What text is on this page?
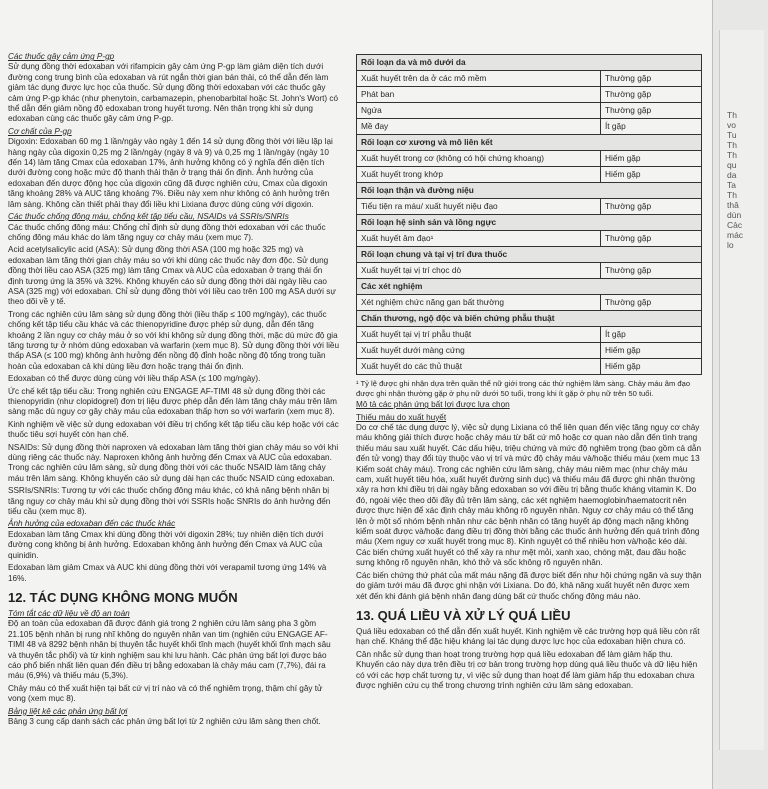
Các thuốc gây cảm ứng P-gp

Sử dụng đồng thời edoxaban với rifampicin gây cảm ứng P-gp làm giảm diện tích dưới đường cong trung bình của edoxaban và rút ngắn thời gian bán thải, có thể dẫn đến làm giảm tác dụng được lực học của thuốc. Sử dụng đồng thời edoxaban với các thuốc gây cảm ứng P-gp khác (như phenytoin, carbamazepin, phenobarbital hoặc St. John's Wort) có thể dẫn đến giảm nồng độ edoxaban trong huyết tương. Nên thận trọng khi sử dụng edoxaban cùng các thuốc gây cảm ứng P-gp.

Cơ chất của P-gp

Digoxin: Edoxaban 60 mg 1 lần/ngày vào ngày 1 đến 14 sử dụng đồng thời với liều lặp lại hàng ngày của digoxin 0,25 mg 2 lần/ngày (ngày 8 và 9) và 0,25 mg 1 lần/ngày (ngày 10 đến 14) làm tăng Cmax của edoxaban 17%, ảnh hưởng không có ý nghĩa đến diện tích dưới đường cong hoặc mức độ thanh thải thận ở trạng thái ổn định. Ảnh hưởng của edoxaban đến dược động học của digoxin cũng đã được nghiên cứu, Cmax của digoxin tăng khoảng 28% và AUC tăng khoảng 7%. Điều này xem như không có ảnh hưởng trên lâm sàng. Không cần thiết phải thay đổi liều khi Lixiana được dùng cùng với digoxin.

Các thuốc chống đông máu, chống kết tập tiểu cầu, NSAIDs và SSRIs/SNRIs

Các thuốc chống đông máu: Chống chỉ định sử dụng đồng thời edoxaban với các thuốc chống đông máu khác do làm tăng nguy cơ chảy máu (xem mục 7).

Acid acetylsalicylic acid (ASA): Sử dụng đồng thời ASA (100 mg hoặc 325 mg) và edoxaban làm tăng thời gian chảy máu so với khi dùng các thuốc này đơn độc. Sử dụng đồng thời liều cao ASA (325 mg) làm tăng Cmax và AUC của edoxaban ở trạng thái ổn định tương ứng là 35% và 32%. Không khuyến cáo sử dụng đồng thời dài ngày liều cao ASA (325 mg) với edoxaban. Chỉ sử dụng đồng thời với liều cao trên 100 mg ASA dưới sự theo dõi về y tế.

Trong các nghiên cứu lâm sàng sử dụng đồng thời (liều thấp ≤ 100 mg/ngày), các thuốc chống kết tập tiểu cầu khác và các thienopyridine được phép sử dụng, dẫn đến tăng khoảng 2 lần nguy cơ chảy máu ở so với khi không sử dụng đồng thời, mặc dù mức độ gia tăng tương tự ở nhóm dùng edoxaban và warfarin (xem mục 8). Sử dụng đồng thời với liều thấp ASA (≤ 100 mg) không ảnh hưởng đến nồng độ đỉnh hoặc nồng độ tổng trong tuần hoàn của edoxaban cả khi dùng liều đơn hoặc trạng thái ổn định.

Edoxaban có thể được dùng cùng với liều thấp ASA (≤ 100 mg/ngày).

Ức chế kết tập tiểu cầu: Trong nghiên cứu ENGAGE AF-TIMI 48 sử dụng đồng thời các thienopyridin (như clopidogrel) đơn trị liệu được phép dẫn đến làm tăng chảy máu trên lâm sàng mặc dù nguy cơ gây chảy máu của edoxaban thấp hơn so với warfarin (xem mục 8).

Kinh nghiệm về việc sử dụng edoxaban với điều trị chống kết tập tiểu cầu kép hoặc với các thuốc tiêu sợi huyết còn hạn chế.

NSAIDs: Sử dụng đồng thời naproxen và edoxaban làm tăng thời gian chảy máu so với khi dùng riêng các thuốc này. Naproxen không ảnh hưởng đến Cmax và AUC của edoxaban. Trong các nghiên cứu lâm sàng, sử dụng đồng thời với các thuốc NSAID làm tăng chảy máu trên lâm sàng. Không khuyến cáo sử dụng dài hạn các thuốc NSAID cùng edoxaban.

SSRIs/SNRIs: Tương tự với các thuốc chống đông máu khác, có khả năng bệnh nhân bị tăng nguy cơ chảy máu khi sử dụng đồng thời với SSRIs hoặc SNRIs do ảnh hưởng đến tiểu cầu (xem mục 8).

Ảnh hưởng của edoxaban đến các thuốc khác

Edoxaban làm tăng Cmax khi dùng đồng thời với digoxin 28%; tuy nhiên diện tích dưới đường cong không bị ảnh hưởng. Edoxaban không ảnh hưởng đến Cmax và AUC của quinidin.

Edoxaban làm giảm Cmax và AUC khi dùng đồng thời với verapamil tương ứng 14% và 16%.

12. TÁC DỤNG KHÔNG MONG MUỐN

Tóm tắt các dữ liệu về độ an toàn

Độ an toàn của edoxaban đã được đánh giá trong 2 nghiên cứu lâm sàng pha 3 gồm 21.105 bệnh nhân bị rung nhĩ không do nguyên nhân van tim (nghiên cứu ENGAGE AF-TIMI 48 và 8292 bệnh nhân bị thuyên tắc huyết khối tĩnh mạch (huyết khối tĩnh mạch sâu và thuyên tắc phổi) và từ kinh nghiệm sau khi lưu hành. Các phản ứng bất lợi được báo cáo phổ biến nhất liên quan đến điều trị bằng edoxaban là chảy máu cam (7,7%), đái ra máu (6,9%) và thiếu máu (5,3%).

Chảy máu có thể xuất hiện tại bất cứ vị trí nào và có thể nghiêm trọng, thậm chí gây tử vong (xem mục 8).

Bảng liệt kê các phản ứng bất lợi

Bảng 3 cung cấp danh sách các phản ứng bất lợi từ 2 nghiên cứu lâm sàng then chốt.

Rối loạn da và mô dưới da	
Xuất huyết trên da ở các mô mềm	Thường gặp
Phát ban	Thường gặp
Ngứa	Thường gặp
Mề đay	Ít gặp
Rối loạn cơ xương và mô liên kết	
Xuất huyết trong cơ (không có hội chứng khoang)	Hiếm gặp
Xuất huyết trong khớp	Hiếm gặp
Rối loạn thận và đường niệu	
Tiểu tiện ra máu/ xuất huyết niệu đạo	Thường gặp
Rối loạn hệ sinh sản và lồng ngực	
Xuất huyết âm đạo¹	Thường gặp
Rối loạn chung và tại vị trí đưa thuốc	
Xuất huyết tại vị trí chọc dò	Thường gặp
Các xét nghiệm	
Xét nghiệm chức năng gan bất thường	Thường gặp
Chấn thương, ngộ độc và biến chứng phẫu thuật	
Xuất huyết tại vị trí phẫu thuật	Ít gặp
Xuất huyết dưới màng cứng	Hiếm gặp
Xuất huyết do các thủ thuật	Hiếm gặp

¹ Tỷ lệ được ghi nhận dựa trên quần thể nữ giới trong các thử nghiệm lâm sàng. Chảy máu âm đạo được ghi nhận thường gặp ở phụ nữ dưới 50 tuổi, trong khi ít gặp ở phụ nữ trên 50 tuổi.

Mô tả các phản ứng bất lợi được lựa chọn

Thiếu máu do xuất huyết

Do cơ chế tác dụng dược lý, việc sử dụng Lixiana có thể liên quan đến việc tăng nguy cơ chảy máu không giải thích được hoặc chảy máu từ bất cứ mô hoặc cơ quan nào dẫn đến tình trạng thiếu máu sau xuất huyết. Các dấu hiệu, triệu chứng và mức độ nghiêm trọng (bao gồm cả dẫn đến tử vong) thay đổi tùy thuộc vào vị trí và mức độ chảy máu và/hoặc thiếu máu (xem mục 13 Kiểm soát chảy máu). Trong các nghiên cứu lâm sàng, chảy máu niêm mạc (như chảy máu cam, xuất huyết tiêu hóa, xuất huyết đường sinh dục) và thiếu máu đã được ghi nhận thường xảy ra hơn khi điều trị dài ngày bằng edoxaban so với điều trị bằng thuốc kháng vitamin K. Do đó, ngoài việc theo dõi đầy đủ trên lâm sàng, các xét nghiệm haemoglobin/haematocrit nên được thực hiện để xác định chảy máu không rõ nguyên nhân. Nguy cơ chảy máu có thể tăng lên ở một số nhóm bệnh nhân như các bệnh nhân có tăng huyết áp động mạch nặng không kiểm soát được và/hoặc đang điều trị đồng thời bằng các thuốc ảnh hưởng đến quá trình đông máu (Xem nguy cơ xuất huyết trong mục 8). Kinh nguyệt có thể nhiều hơn và/hoặc kéo dài. Các biến chứng xuất huyết có thể xảy ra như mệt mỏi, xanh xao, chóng mặt, đau đầu hoặc sưng không rõ nguyên nhân, khó thở và sốc không rõ nguyên nhân.

Các biến chứng thứ phát của mất máu nặng đã được biết đến như hội chứng ngăn và suy thận do giảm tưới máu đã được ghi nhận với Lixiana. Do đó, khả năng xuất huyết nên được xem xét đến khi đánh giá bệnh nhân đang dùng bất cứ thuốc chống đông máu nào.

13. QUÁ LIỀU VÀ XỬ LÝ QUÁ LIỀU

Quá liều edoxaban có thể dẫn đến xuất huyết. Kinh nghiệm về các trường hợp quá liều còn rất hạn chế. Kháng thể đặc hiệu kháng lại tác dụng dược lực học của edoxaban hiện chưa có.

Cân nhắc sử dụng than hoạt trong trường hợp quá liều edoxaban để làm giảm hấp thu. Khuyến cáo này dựa trên điều trị cơ bản trong trường hợp dùng quá liều thuốc và dữ liệu hiện có với các hợp chất tương tự, vì việc sử dụng than hoạt để làm giảm hấp thu edoxaban chưa được nghiên cứu cụ thể trong chương trình nghiên cứu lâm sàng edoxaban.

Th
vo
Tu
Th
Th
qu
da
Ta
Th
thâ
dùn
Cảc
mác
lo
